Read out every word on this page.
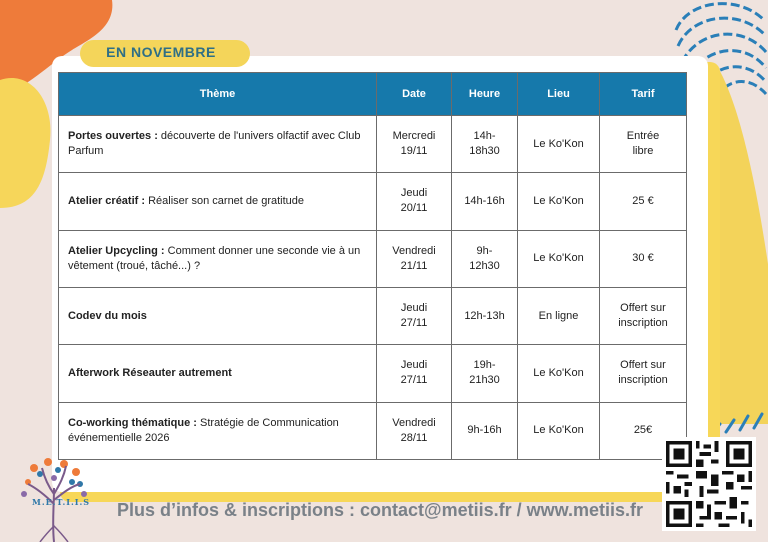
EN NOVEMBRE
Thème	Date	Heure	Lieu	Tarif
Portes ouvertes : découverte de l'univers olfactif avec Club Parfum	Mercredi
19/11	14h-
18h30	Le Ko'Kon	Entrée
libre
Atelier créatif : Réaliser son carnet de gratitude	Jeudi
20/11	14h-16h	Le Ko'Kon	25 €
Atelier Upcycling : Comment donner une seconde vie à un vêtement (troué, tâché...) ?	Vendredi
21/11	9h-
12h30	Le Ko'Kon	30 €
Codev du mois	Jeudi
27/11	12h-13h	En ligne	Offert sur
inscription
Afterwork Réseauter autrement	Jeudi
27/11	19h-
21h30	Le Ko'Kon	Offert sur
inscription
Co-working thématique : Stratégie de Communication événementielle 2026	Vendredi
28/11	9h-16h	Le Ko'Kon	25€
M.E.T.I.I.S Plus d’infos & inscriptions : contact@metiis.fr / www.metiis.fr
